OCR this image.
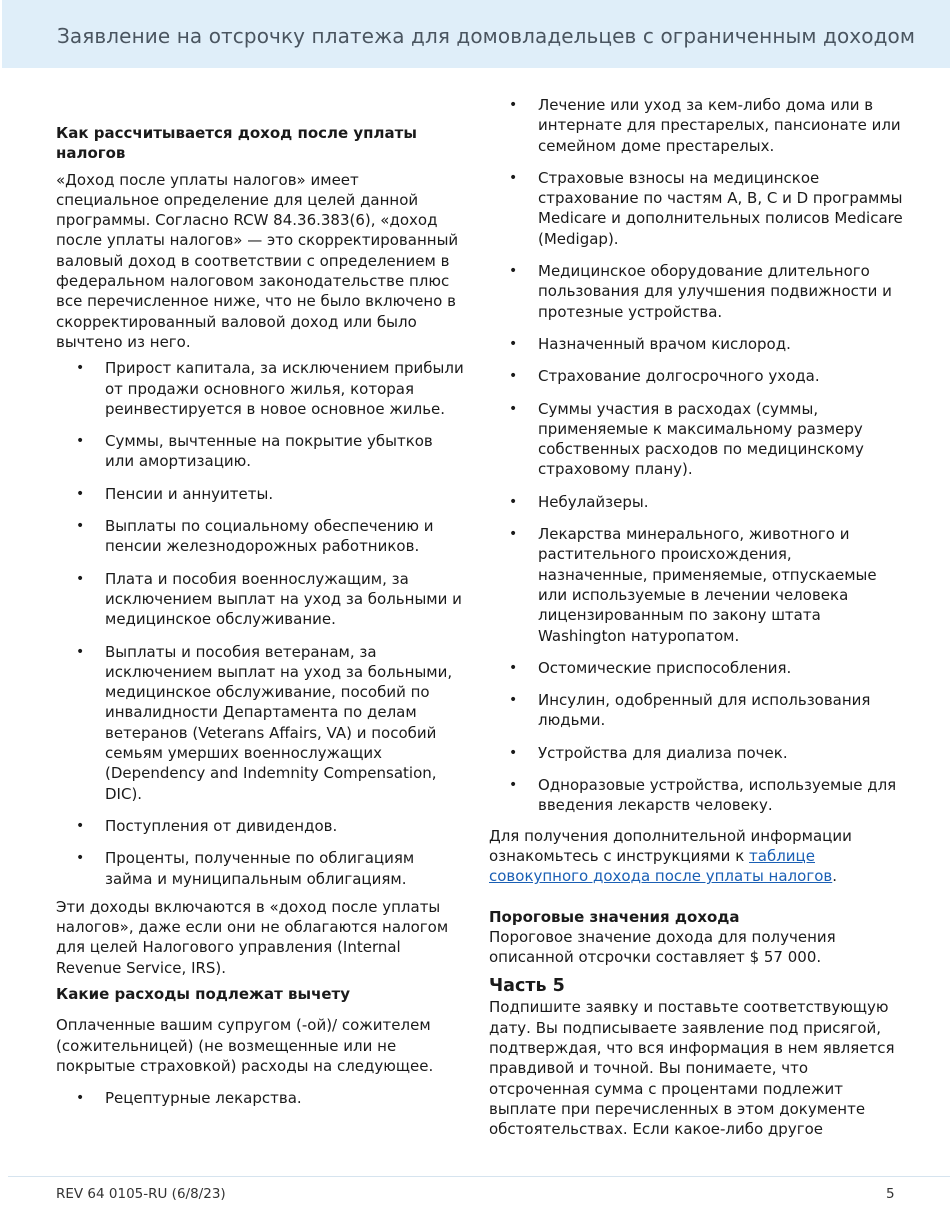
Заявление на отсрочку платежа для домовладельцев с ограниченным доходом
Как рассчитывается доход после уплаты налогов

«Доход после уплаты налогов» имеет специальное определение для целей данной программы. Согласно RCW 84.36.383(6), «доход после уплаты налогов» — это скорректированный валовый доход в соответствии с определением в федеральном налоговом законодательстве плюс все перечисленное ниже, что не было включено в скорректированный валовой доход или было вычтено из него.

• Прирост капитала, за исключением прибыли от продажи основного жилья, которая реинвестируется в новое основное жилье.
• Суммы, вычтенные на покрытие убытков или амортизацию.
• Пенсии и аннуитеты.
• Выплаты по социальному обеспечению и пенсии железнодорожных работников.
• Плата и пособия военнослужащим, за исключением выплат на уход за больными и медицинское обслуживание.
• Выплаты и пособия ветеранам, за исключением выплат на уход за больными, медицинское обслуживание, пособий по инвалидности Департамента по делам ветеранов (Veterans Affairs, VA) и пособий семьям умерших военнослужащих (Dependency and Indemnity Compensation, DIC).
• Поступления от дивидендов.
• Проценты, полученные по облигациям займа и муниципальным облигациям.

Эти доходы включаются в «доход после уплаты налогов», даже если они не облагаются налогом для целей Налогового управления (Internal Revenue Service, IRS).

Какие расходы подлежат вычету

Оплаченные вашим супругом (-ой)/ сожителем (сожительницей) (не возмещенные или не покрытые страховкой) расходы на следующее.

• Рецептурные лекарства.
• Лечение или уход за кем-либо дома или в интернате для престарелых, пансионате или семейном доме престарелых.
• Страховые взносы на медицинское страхование по частям A, B, C и D программы Medicare и дополнительных полисов Medicare (Medigap).
• Медицинское оборудование длительного пользования для улучшения подвижности и протезные устройства.
• Назначенный врачом кислород.
• Страхование долгосрочного ухода.
• Суммы участия в расходах (суммы, применяемые к максимальному размеру собственных расходов по медицинскому страховому плану).
• Небулайзеры.
• Лекарства минерального, животного и растительного происхождения, назначенные, применяемые, отпускаемые или используемые в лечении человека лицензированным по закону штата Washington натуропатом.
• Остомические приспособления.
• Инсулин, одобренный для использования людьми.
• Устройства для диализа почек.
• Одноразовые устройства, используемые для введения лекарств человеку.

Для получения дополнительной информации ознакомьтесь с инструкциями к таблице совокупного дохода после уплаты налогов.

Пороговые значения дохода

Пороговое значение дохода для получения описанной отсрочки составляет $ 57 000.

Часть 5

Подпишите заявку и поставьте соответствующую дату. Вы подписываете заявление под присягой, подтверждая, что вся информация в нем является правдивой и точной. Вы понимаете, что отсроченная сумма с процентами подлежит выплате при перечисленных в этом документе обстоятельствах. Если какое-либо другое

REV 64 0105-RU (6/8/23)	5
